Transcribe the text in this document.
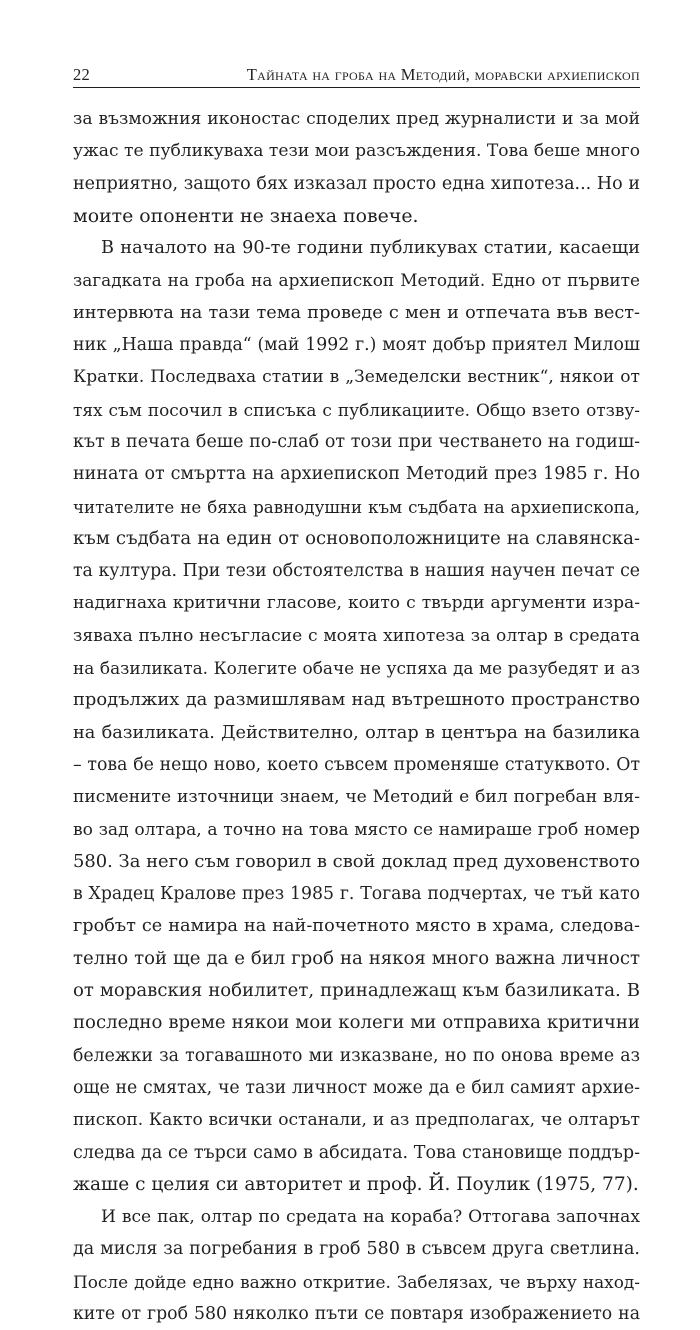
22	Тайната на гроба на Методий, моравски архиепископ
за възможния иконостас споделих пред журналисти и за мой
ужас те публикуваха тези мои разсъждения. Това беше много
неприятно, защото бях изказал просто една хипотеза... Но и
моите опоненти не знаеха повече.
В началото на 90-те години публикувах статии, касаещи
загадката на гроба на архиепископ Методий. Едно от първите
интервюта на тази тема проведе с мен и отпечата във вест-
ник „Наша правда“ (май 1992 г.) моят добър приятел Милош
Кратки. Последваха статии в „Земеделски вестник“, някои от
тях съм посочил в списъка с публикациите. Общо взето отзву-
кът в печата беше по-слаб от този при честването на годиш-
нината от смъртта на архиепископ Методий през 1985 г. Но
читателите не бяха равнодушни към съдбата на архиепископа,
към съдбата на един от основоположниците на славянска-
та култура. При тези обстоятелства в нашия научен печат се
надигнаха критични гласове, които с твърди аргументи изра-
зяваха пълно несъгласие с моята хипотеза за олтар в средата
на базиликата. Колегите обаче не успяха да ме разубедят и аз
продължих да размишлявам над вътрешното пространство
на базиликата. Действително, олтар в центъра на базилика
– това бе нещо ново, което съвсем променяше статуквото. От
писмените източници знаем, че Методий е бил погребан вля-
во зад олтара, а точно на това място се намираше гроб номер
580. За него съм говорил в свой доклад пред духовенството
в Храдец Кралове през 1985 г. Тогава подчертах, че тъй като
гробът се намира на най-почетното място в храма, следова-
телно той ще да е бил гроб на някоя много важна личност
от моравския нобилитет, принадлежащ към базиликата. В
последно време някои мои колеги ми отправиха критични
бележки за тогавашното ми изказване, но по онова време аз
още не смятах, че тази личност може да е бил самият архие-
пископ. Както всички останали, и аз предполагах, че олтарът
следва да се търси само в абсидата. Това становище поддър-
жаше с целия си авторитет и проф. Й. Поулик (1975, 77).
И все пак, олтар по средата на кораба? Оттогава започнах
да мисля за погребания в гроб 580 в съвсем друга светлина.
После дойде едно важно откритие. Забелязах, че върху наход-
ките от гроб 580 няколко пъти се повтаря изображението на
